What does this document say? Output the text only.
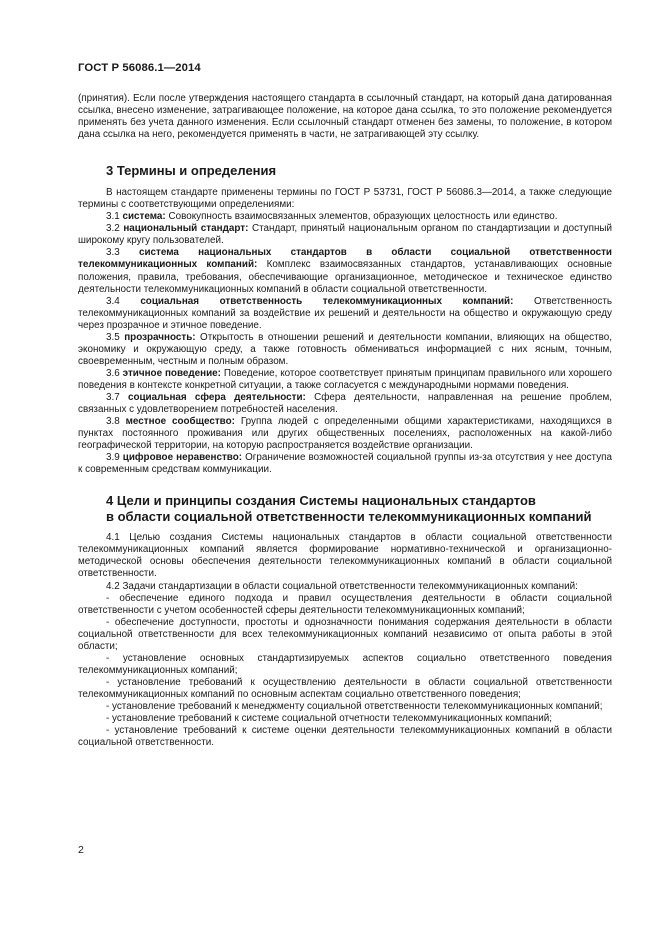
ГОСТ Р 56086.1—2014

(принятия). Если после утверждения настоящего стандарта в ссылочный стандарт, на который дана датированная ссылка, внесено изменение, затрагивающее положение, на которое дана ссылка, то это положение рекомендуется применять без учета данного изменения. Если ссылочный стандарт отменен без замены, то положение, в котором дана ссылка на него, рекомендуется применять в части, не затрагивающей эту ссылку.

3 Термины и определения

В настоящем стандарте применены термины по ГОСТ Р 53731, ГОСТ Р 56086.3—2014, а также следующие термины с соответствующими определениями:

3.1 система: Совокупность взаимосвязанных элементов, образующих целостность или единство.

3.2 национальный стандарт: Стандарт, принятый национальным органом по стандартизации и доступный широкому кругу пользователей.

3.3 система национальных стандартов в области социальной ответственности телекоммуникационных компаний: Комплекс взаимосвязанных стандартов, устанавливающих основные положения, правила, требования, обеспечивающие организационное, методическое и техническое единство деятельности телекоммуникационных компаний в области социальной ответственности.

3.4 социальная ответственность телекоммуникационных компаний: Ответственность телекоммуникационных компаний за воздействие их решений и деятельности на общество и окружающую среду через прозрачное и этичное поведение.

3.5 прозрачность: Открытость в отношении решений и деятельности компании, влияющих на общество, экономику и окружающую среду, а также готовность обмениваться информацией с них ясным, точным, своевременным, честным и полным образом.

3.6 этичное поведение: Поведение, которое соответствует принятым принципам правильного или хорошего поведения в контексте конкретной ситуации, а также согласуется с международными нормами поведения.

3.7 социальная сфера деятельности: Сфера деятельности, направленная на решение проблем, связанных с удовлетворением потребностей населения.

3.8 местное сообщество: Группа людей с определенными общими характеристиками, находящихся в пунктах постоянного проживания или других общественных поселениях, расположенных на какой-либо географической территории, на которую распространяется воздействие организации.

3.9 цифровое неравенство: Ограничение возможностей социальной группы из-за отсутствия у нее доступа к современным средствам коммуникации.

4 Цели и принципы создания Системы национальных стандартов
в области социальной ответственности телекоммуникационных компаний

4.1 Целью создания Системы национальных стандартов в области социальной ответственности телекоммуникационных компаний является формирование нормативно-технической и организационно-методической основы обеспечения деятельности телекоммуникационных компаний в области социальной ответственности.

4.2 Задачи стандартизации в области социальной ответственности телекоммуникационных компаний:

- обеспечение единого подхода и правил осуществления деятельности в области социальной ответственности с учетом особенностей сферы деятельности телекоммуникационных компаний;

- обеспечение доступности, простоты и однозначности понимания содержания деятельности в области социальной ответственности для всех телекоммуникационных компаний независимо от опыта работы в этой области;

- установление основных стандартизируемых аспектов социально ответственного поведения телекоммуникационных компаний;

- установление требований к осуществлению деятельности в области социальной ответственности телекоммуникационных компаний по основным аспектам социально ответственного поведения;

- установление требований к менеджменту социальной ответственности телекоммуникационных компаний;

- установление требований к системе социальной отчетности телекоммуникационных компаний;

- установление требований к системе оценки деятельности телекоммуникационных компаний в области социальной ответственности.

2
